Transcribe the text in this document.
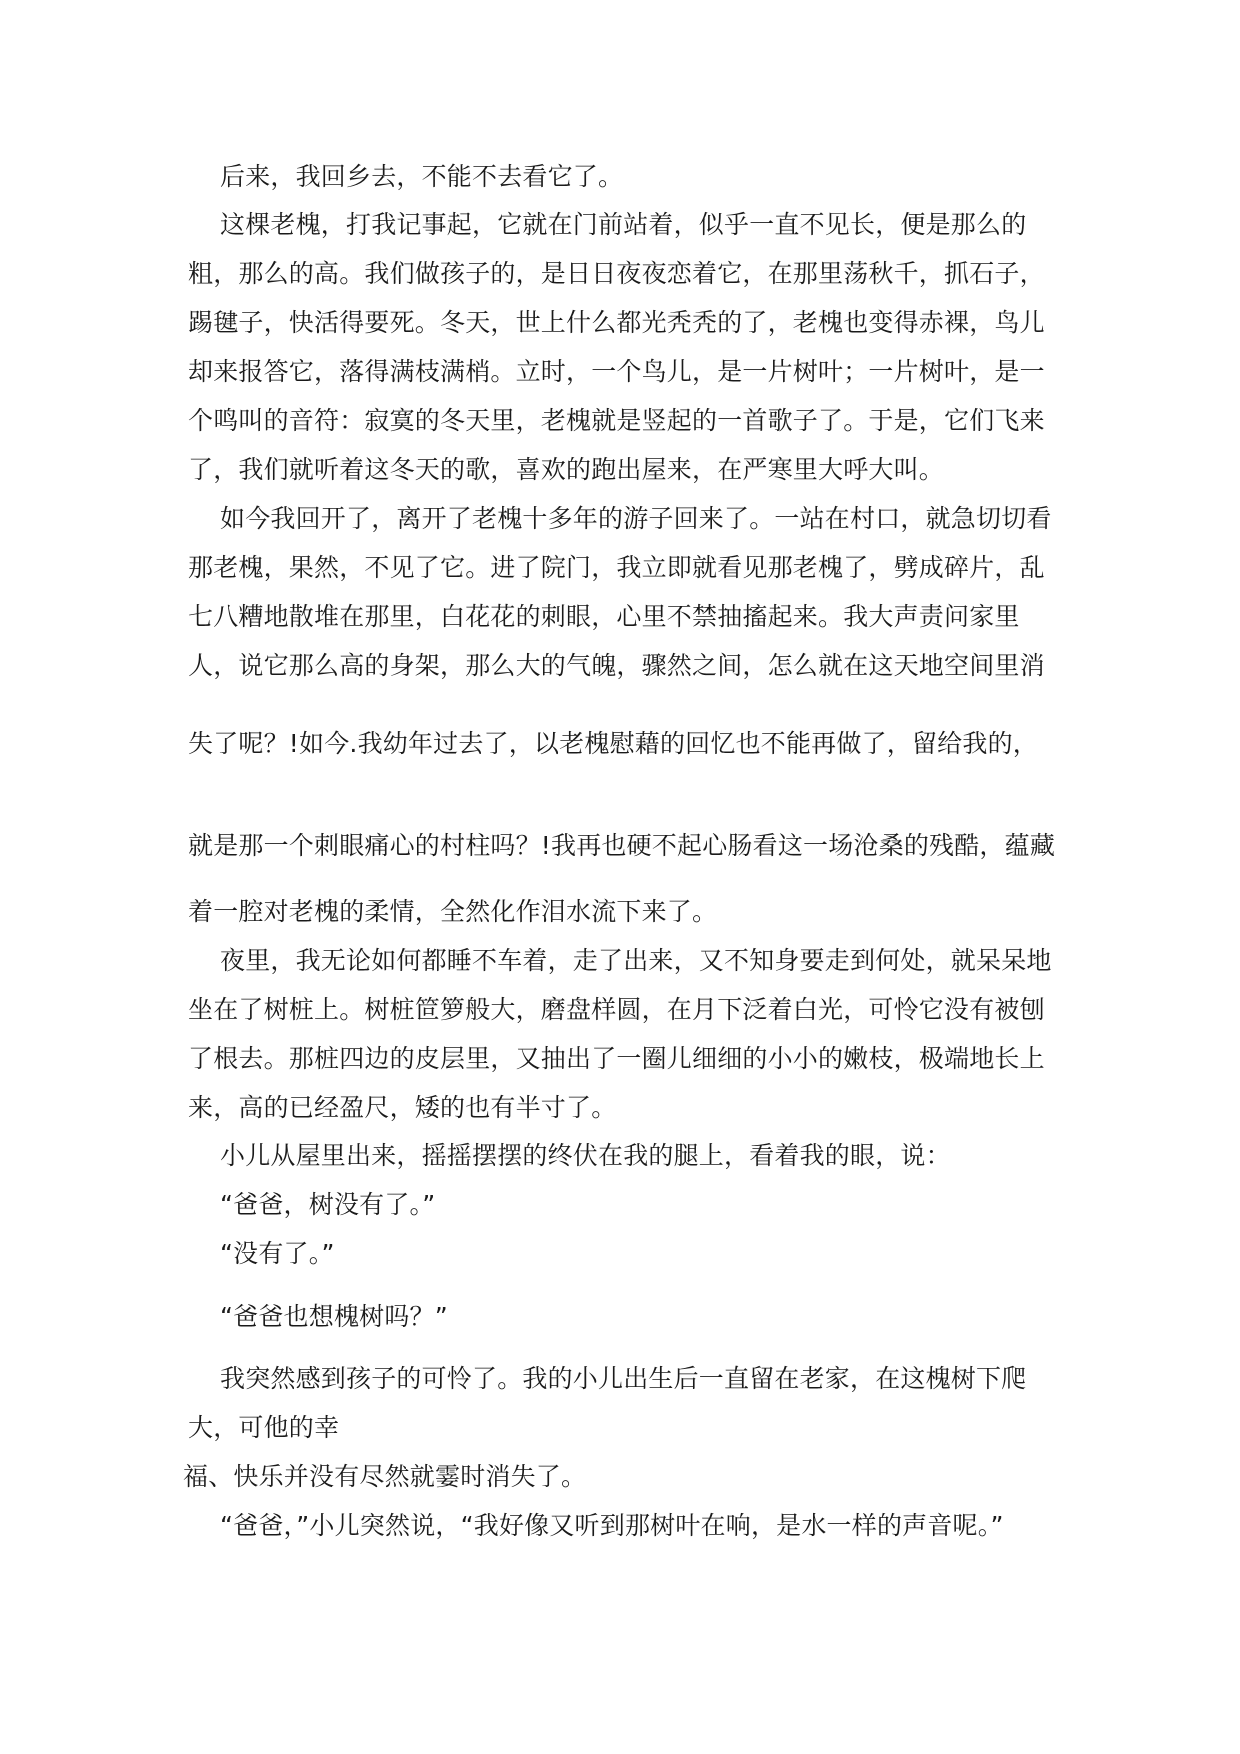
后来，我回乡去，不能不去看它了。
这棵老槐，打我记事起，它就在门前站着，似乎一直不见长，便是那么的
粗，那么的高。我们做孩子的，是日日夜夜恋着它，在那里荡秋千，抓石子，
踢毽子，快活得要死。冬天，世上什么都光秃秃的了，老槐也变得赤裸，鸟儿
却来报答它，落得满枝满梢。立时，一个鸟儿，是一片树叶；一片树叶，是一
个鸣叫的音符：寂寞的冬天里，老槐就是竖起的一首歌子了。于是，它们飞来
了，我们就听着这冬天的歌，喜欢的跑出屋来，在严寒里大呼大叫。
如今我回开了，离开了老槐十多年的游子回来了。一站在村口，就急切切看
那老槐，果然，不见了它。进了院门，我立即就看见那老槐了，劈成碎片，乱
七八糟地散堆在那里，白花花的刺眼，心里不禁抽搐起来。我大声责问家里
人，说它那么高的身架，那么大的气魄，骤然之间，怎么就在这天地空间里消
失了呢？!如今.我幼年过去了，以老槐慰藉的回忆也不能再做了，留给我的，
就是那一个刺眼痛心的村柱吗？!我再也硬不起心肠看这一场沧桑的残酷，蕴藏
着一腔对老槐的柔情，全然化作泪水流下来了。
夜里，我无论如何都睡不车着，走了出来，又不知身要走到何处，就呆呆地
坐在了树桩上。树桩笸箩般大，磨盘样圆，在月下泛着白光，可怜它没有被刨
了根去。那桩四边的皮层里，又抽出了一圈儿细细的小小的嫩枝，极端地长上
来，高的已经盈尺，矮的也有半寸了。
小儿从屋里出来，摇摇摆摆的终伏在我的腿上，看着我的眼，说：
“爸爸，树没有了。”
“没有了。”
“爸爸也想槐树吗？”
我突然感到孩子的可怜了。我的小儿出生后一直留在老家，在这槐树下爬
大，可他的幸
福、快乐并没有尽然就霎时消失了。
“爸爸，”小儿突然说，“我好像又听到那树叶在响，是水一样的声音呢。”
